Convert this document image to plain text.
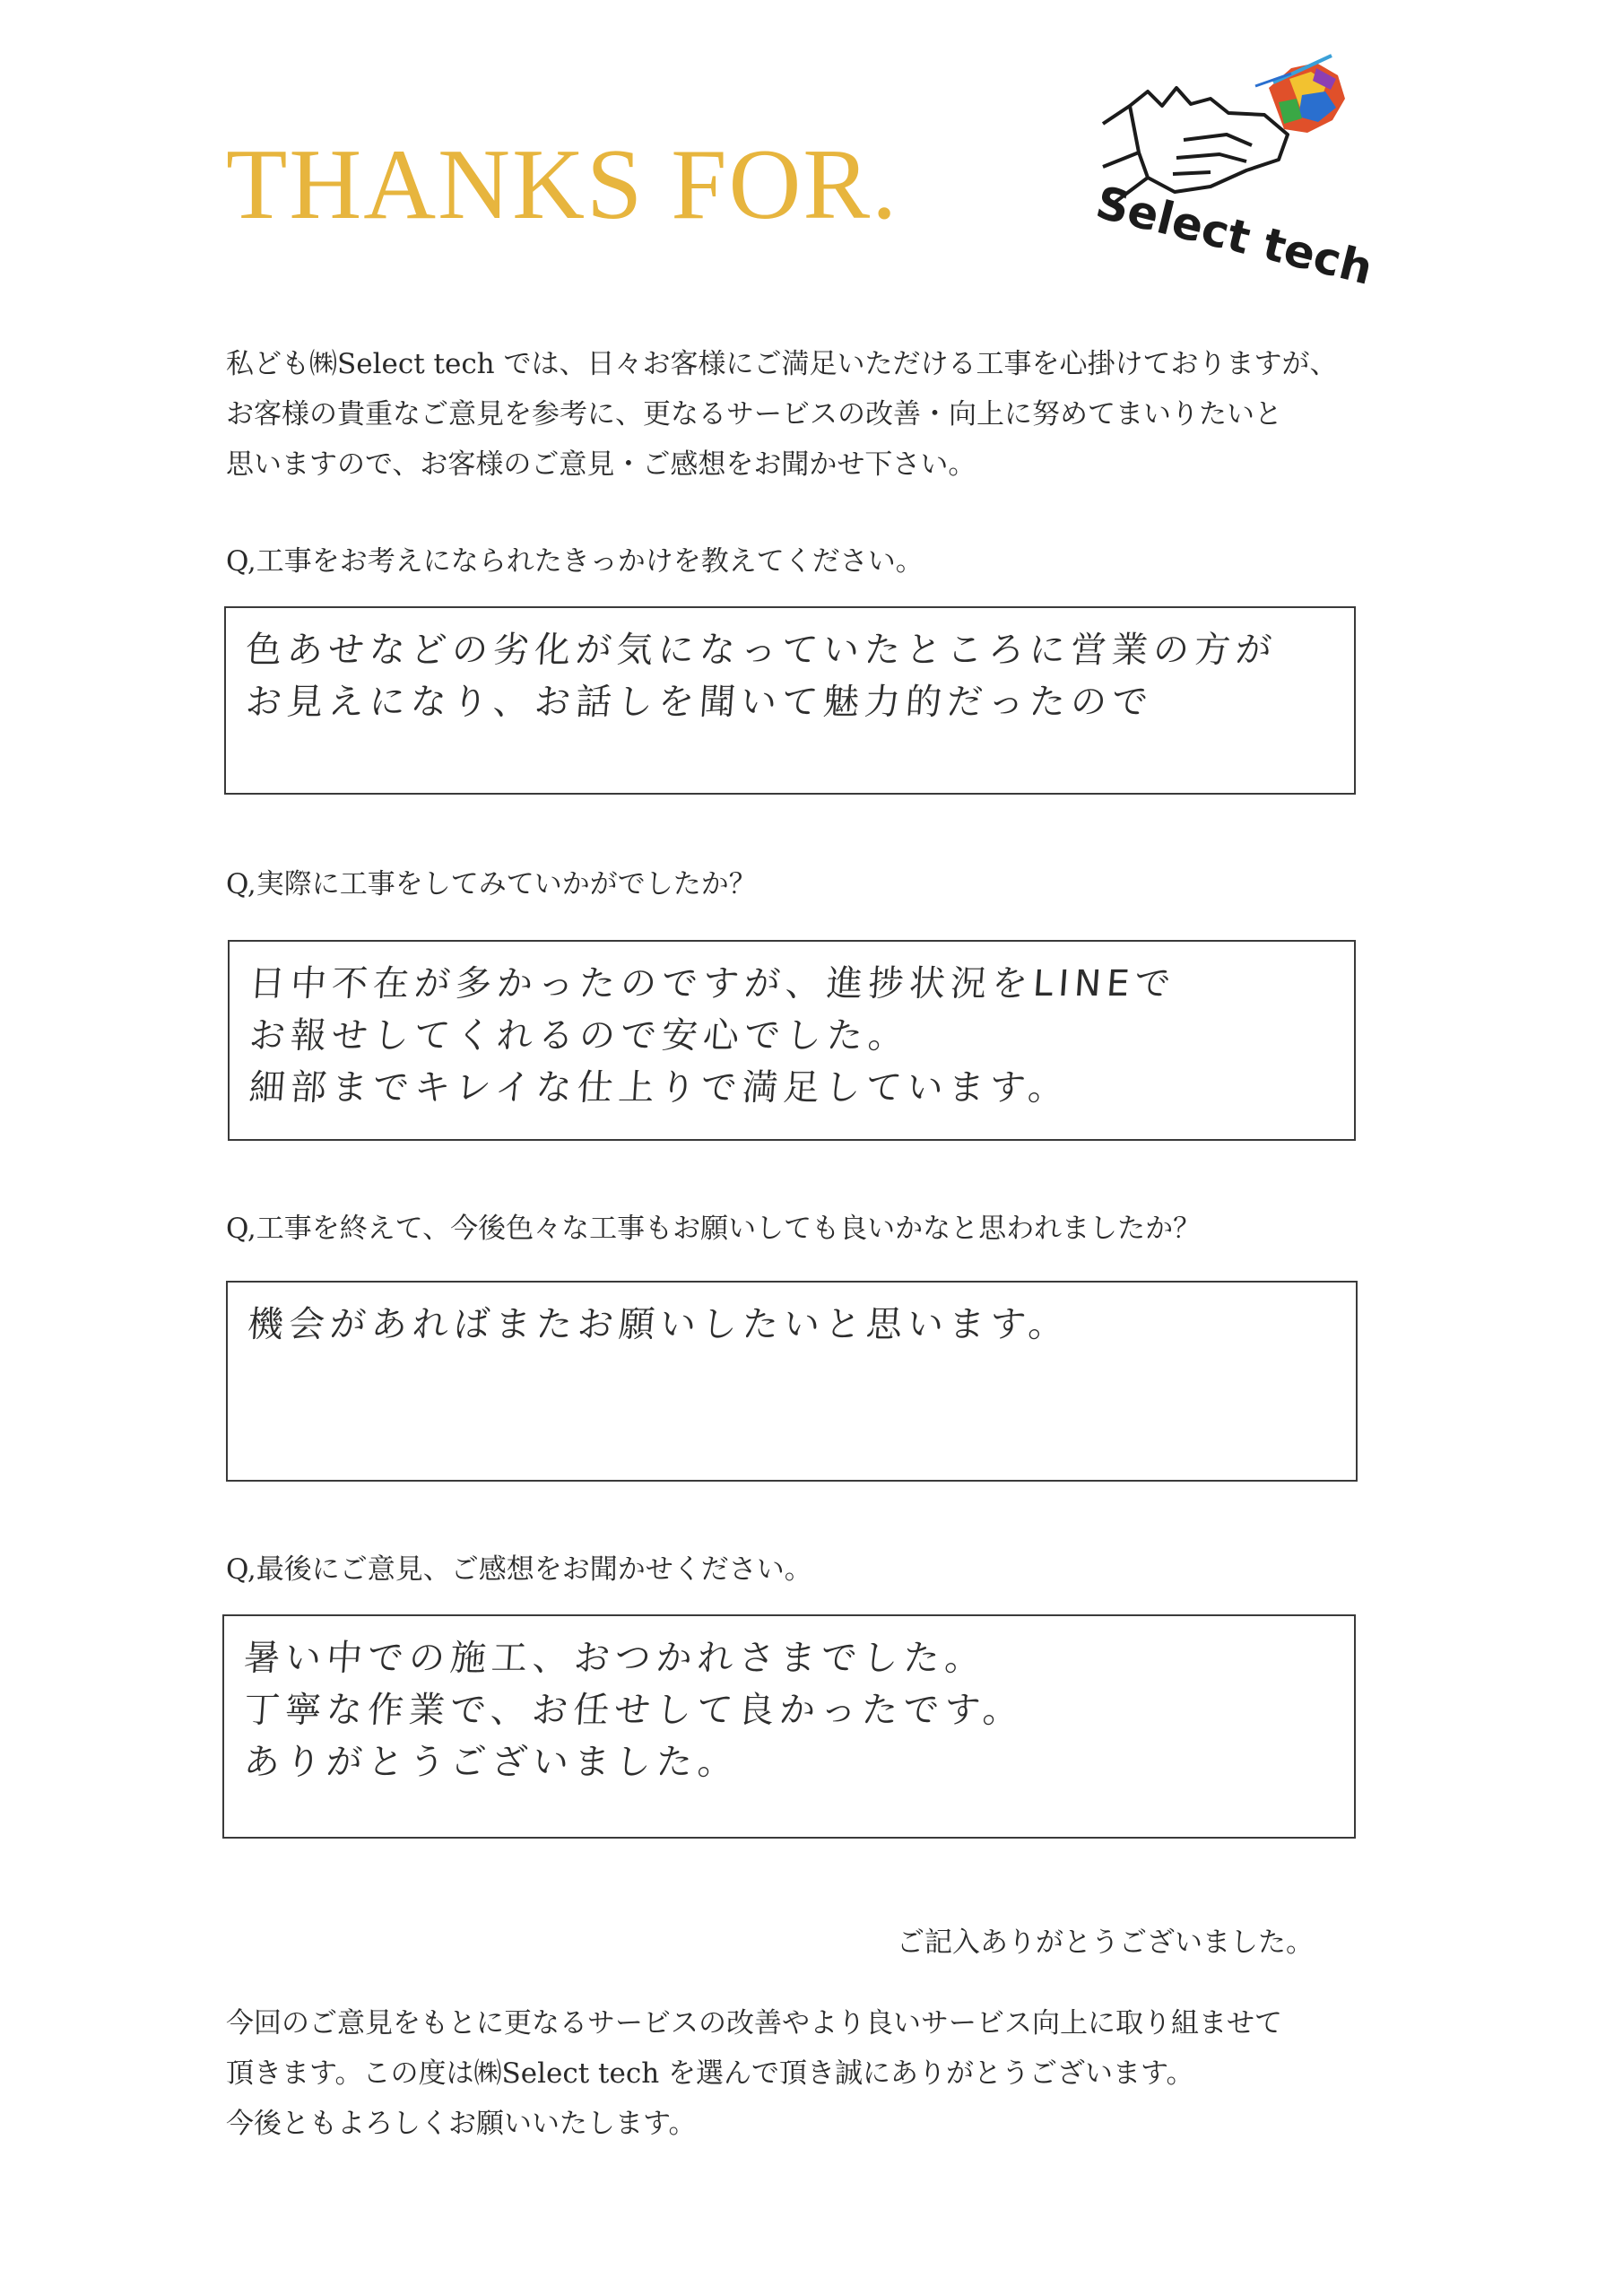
THANKS FOR.	Select tech

私ども㈱Select tech では、日々お客様にご満足いただける工事を心掛けておりますが、

お客様の貴重なご意見を参考に、更なるサービスの改善・向上に努めてまいりたいと

思いますので、お客様のご意見・ご感想をお聞かせ下さい。

Q,工事をお考えになられたきっかけを教えてください。

色あせなどの劣化が気になっていたところに営業の方が

お見えになり、お話しを聞いて魅力的だったので

Q,実際に工事をしてみていかがでしたか？

日中不在が多かったのですが、進捗状況をLINEで

お報せしてくれるので安心でした。

細部までキレイな仕上りで満足しています。

Q,工事を終えて、今後色々な工事もお願いしても良いかなと思われましたか？

機会があればまたお願いしたいと思います。

Q,最後にご意見、ご感想をお聞かせください。

暑い中での施工、おつかれさまでした。

丁寧な作業で、お任せして良かったです。

ありがとうございました。

ご記入ありがとうございました。

今回のご意見をもとに更なるサービスの改善やより良いサービス向上に取り組ませて

頂きます。この度は㈱Select tech を選んで頂き誠にありがとうございます。

今後ともよろしくお願いいたします。
